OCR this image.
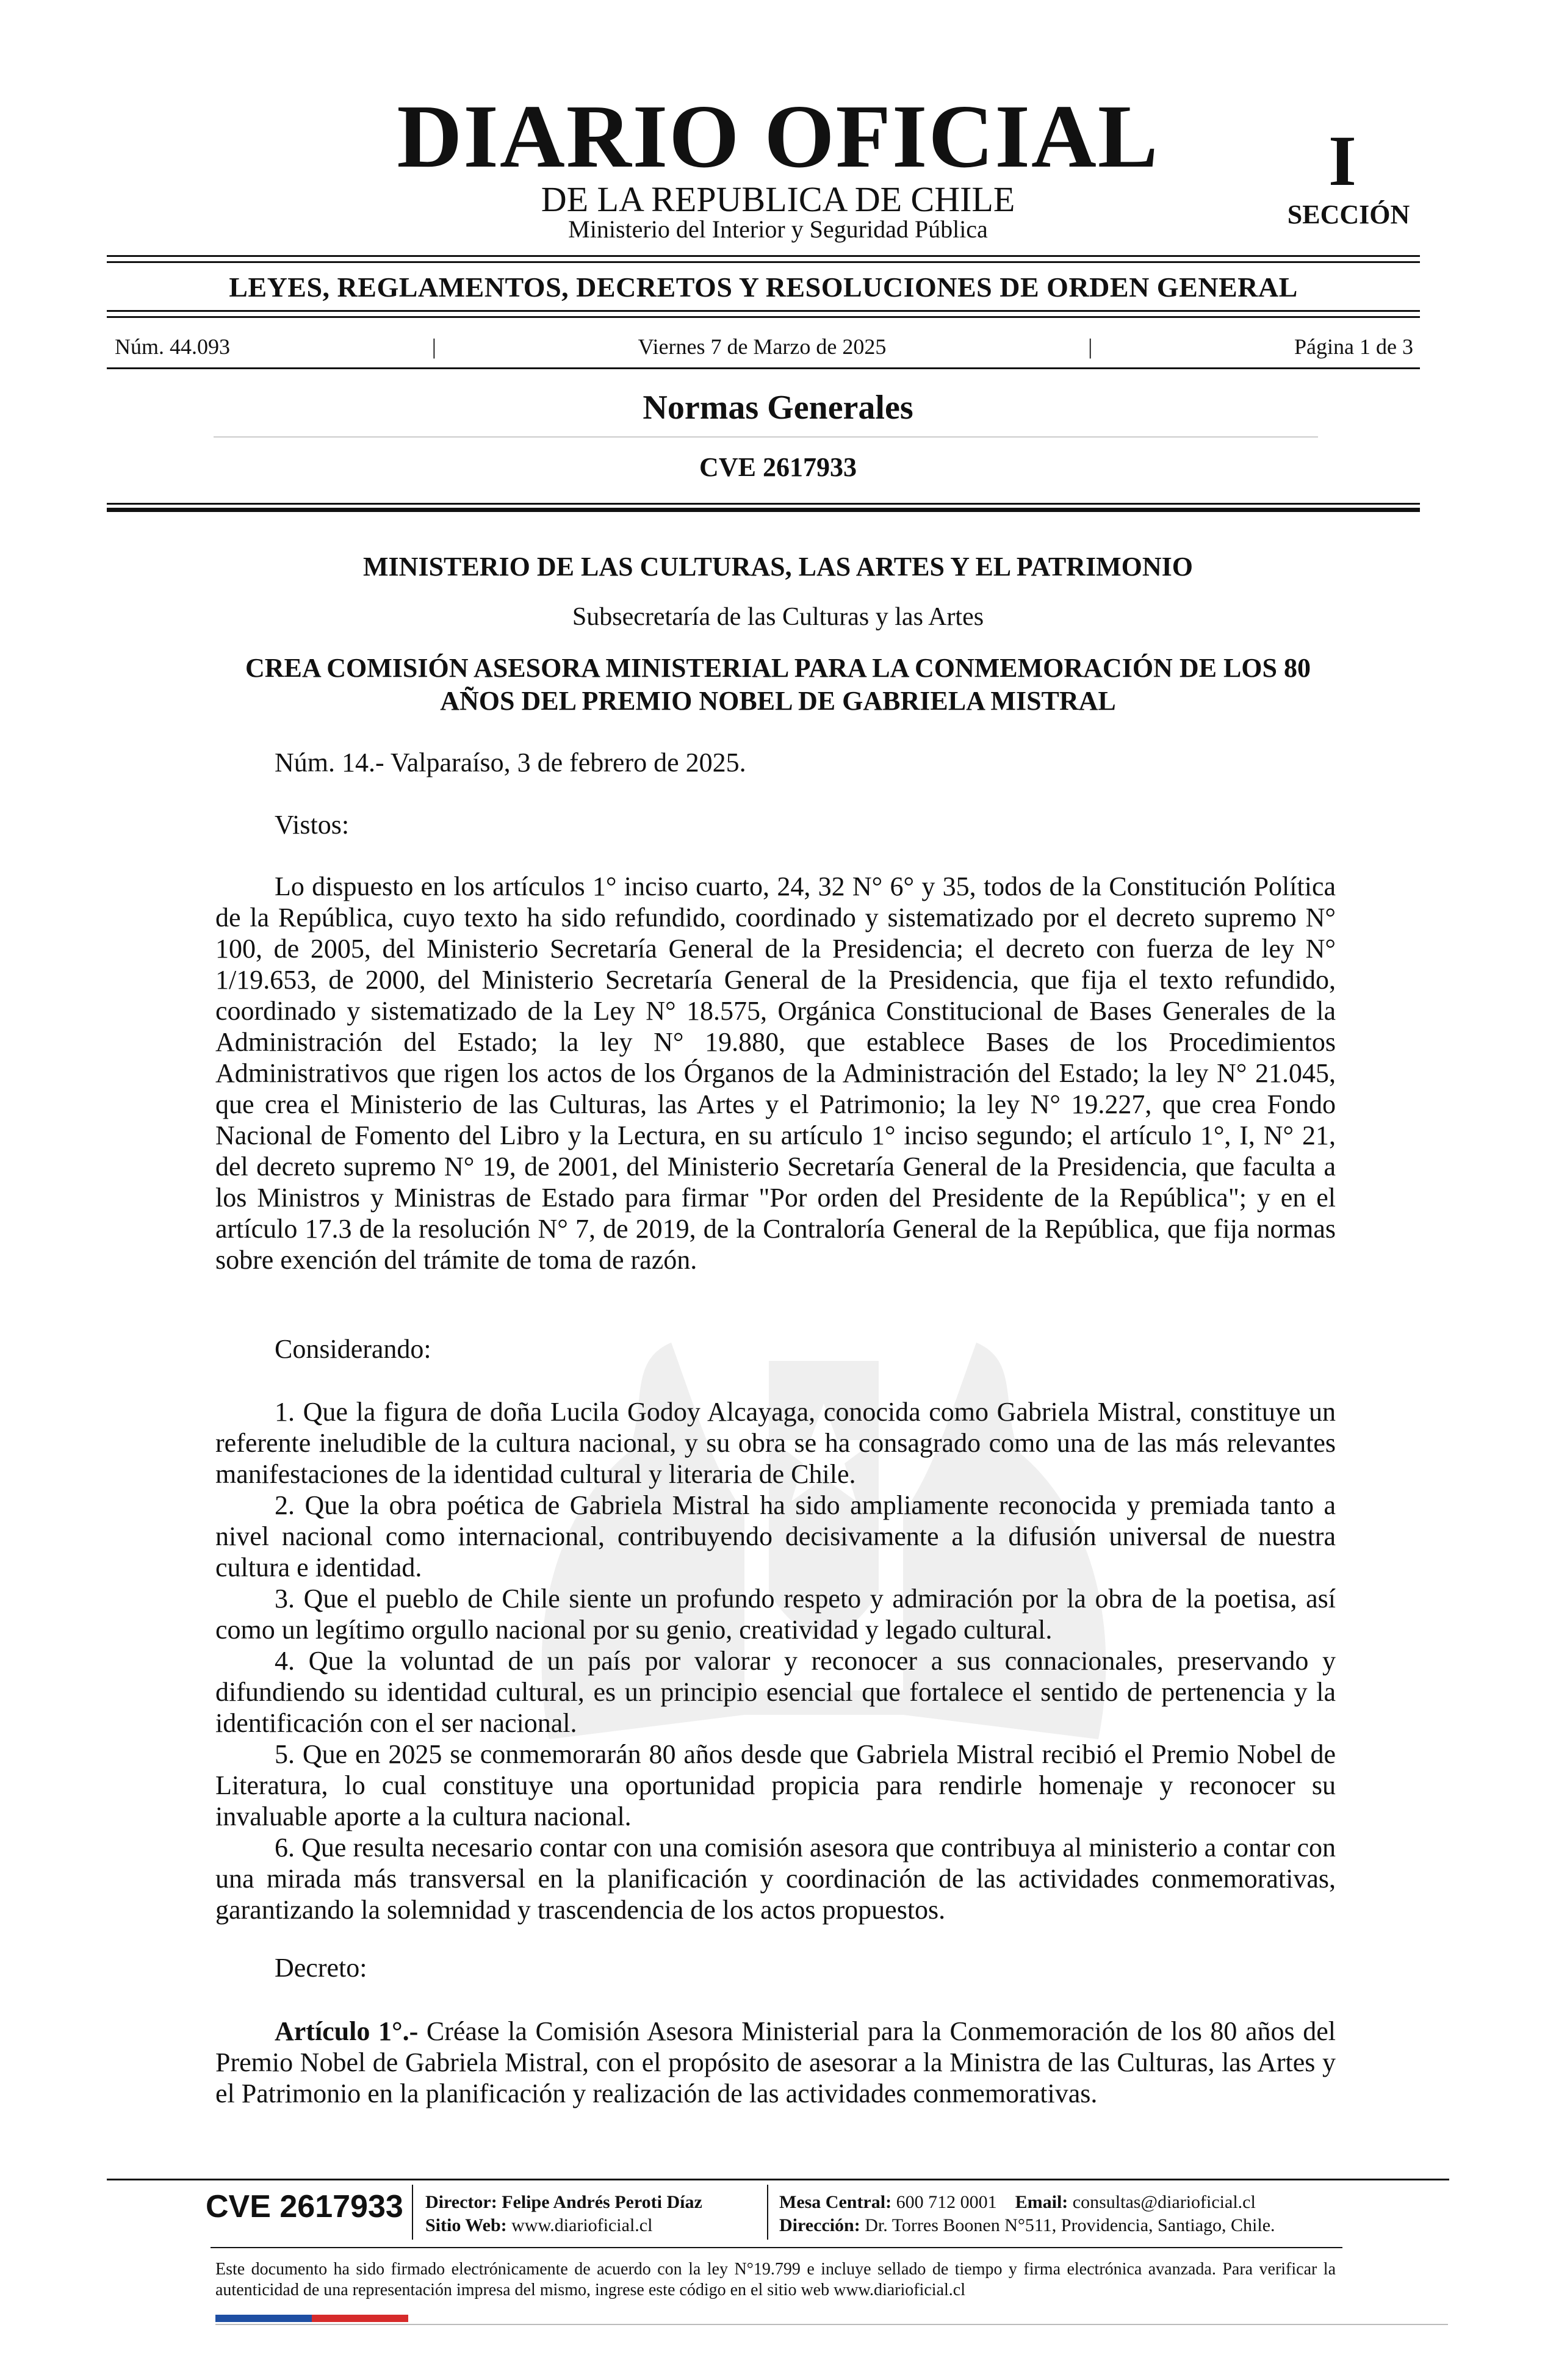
DIARIO OFICIAL
DE LA REPUBLICA DE CHILE
Ministerio del Interior y Seguridad Pública
I
SECCIÓN
LEYES, REGLAMENTOS, DECRETOS Y RESOLUCIONES DE ORDEN GENERAL
Núm. 44.093	|	Viernes 7 de Marzo de 2025	|	Página 1 de 3
Normas Generales
CVE 2617933
MINISTERIO DE LAS CULTURAS, LAS ARTES Y EL PATRIMONIO
Subsecretaría de las Culturas y las Artes
CREA COMISIÓN ASESORA MINISTERIAL PARA LA CONMEMORACIÓN DE LOS 80 AÑOS DEL PREMIO NOBEL DE GABRIELA MISTRAL
Núm. 14.- Valparaíso, 3 de febrero de 2025.
Vistos:
Lo dispuesto en los artículos 1° inciso cuarto, 24, 32 N° 6° y 35, todos de la Constitución Política de la República, cuyo texto ha sido refundido, coordinado y sistematizado por el decreto supremo N° 100, de 2005, del Ministerio Secretaría General de la Presidencia; el decreto con fuerza de ley N° 1/19.653, de 2000, del Ministerio Secretaría General de la Presidencia, que fija el texto refundido, coordinado y sistematizado de la Ley N° 18.575, Orgánica Constitucional de Bases Generales de la Administración del Estado; la ley N° 19.880, que establece Bases de los Procedimientos Administrativos que rigen los actos de los Órganos de la Administración del Estado; la ley N° 21.045, que crea el Ministerio de las Culturas, las Artes y el Patrimonio; la ley N° 19.227, que crea Fondo Nacional de Fomento del Libro y la Lectura, en su artículo 1° inciso segundo; el artículo 1°, I, N° 21, del decreto supremo N° 19, de 2001, del Ministerio Secretaría General de la Presidencia, que faculta a los Ministros y Ministras de Estado para firmar "Por orden del Presidente de la República"; y en el artículo 17.3 de la resolución N° 7, de 2019, de la Contraloría General de la República, que fija normas sobre exención del trámite de toma de razón.
Considerando:

1. Que la figura de doña Lucila Godoy Alcayaga, conocida como Gabriela Mistral, constituye un referente ineludible de la cultura nacional, y su obra se ha consagrado como una de las más relevantes manifestaciones de la identidad cultural y literaria de Chile.

2. Que la obra poética de Gabriela Mistral ha sido ampliamente reconocida y premiada tanto a nivel nacional como internacional, contribuyendo decisivamente a la difusión universal de nuestra cultura e identidad.

3. Que el pueblo de Chile siente un profundo respeto y admiración por la obra de la poetisa, así como un legítimo orgullo nacional por su genio, creatividad y legado cultural.

4. Que la voluntad de un país por valorar y reconocer a sus connacionales, preservando y difundiendo su identidad cultural, es un principio esencial que fortalece el sentido de pertenencia y la identificación con el ser nacional.

5. Que en 2025 se conmemorarán 80 años desde que Gabriela Mistral recibió el Premio Nobel de Literatura, lo cual constituye una oportunidad propicia para rendirle homenaje y reconocer su invaluable aporte a la cultura nacional.

6. Que resulta necesario contar con una comisión asesora que contribuya al ministerio a contar con una mirada más transversal en la planificación y coordinación de las actividades conmemorativas, garantizando la solemnidad y trascendencia de los actos propuestos.

Decreto:
Artículo 1°.- Créase la Comisión Asesora Ministerial para la Conmemoración de los 80 años del Premio Nobel de Gabriela Mistral, con el propósito de asesorar a la Ministra de las Culturas, las Artes y el Patrimonio en la planificación y realización de las actividades conmemorativas.
CVE 2617933 Director: Felipe Andrés Peroti Díaz
Sitio Web: www.diarioficial.cl
Mesa Central: 600 712 0001 Email: consultas@diarioficial.cl
Dirección: Dr. Torres Boonen N°511, Providencia, Santiago, Chile.
Este documento ha sido firmado electrónicamente de acuerdo con la ley N°19.799 e incluye sellado de tiempo y firma electrónica avanzada. Para verificar la autenticidad de una representación impresa del mismo, ingrese este código en el sitio web www.diarioficial.cl
